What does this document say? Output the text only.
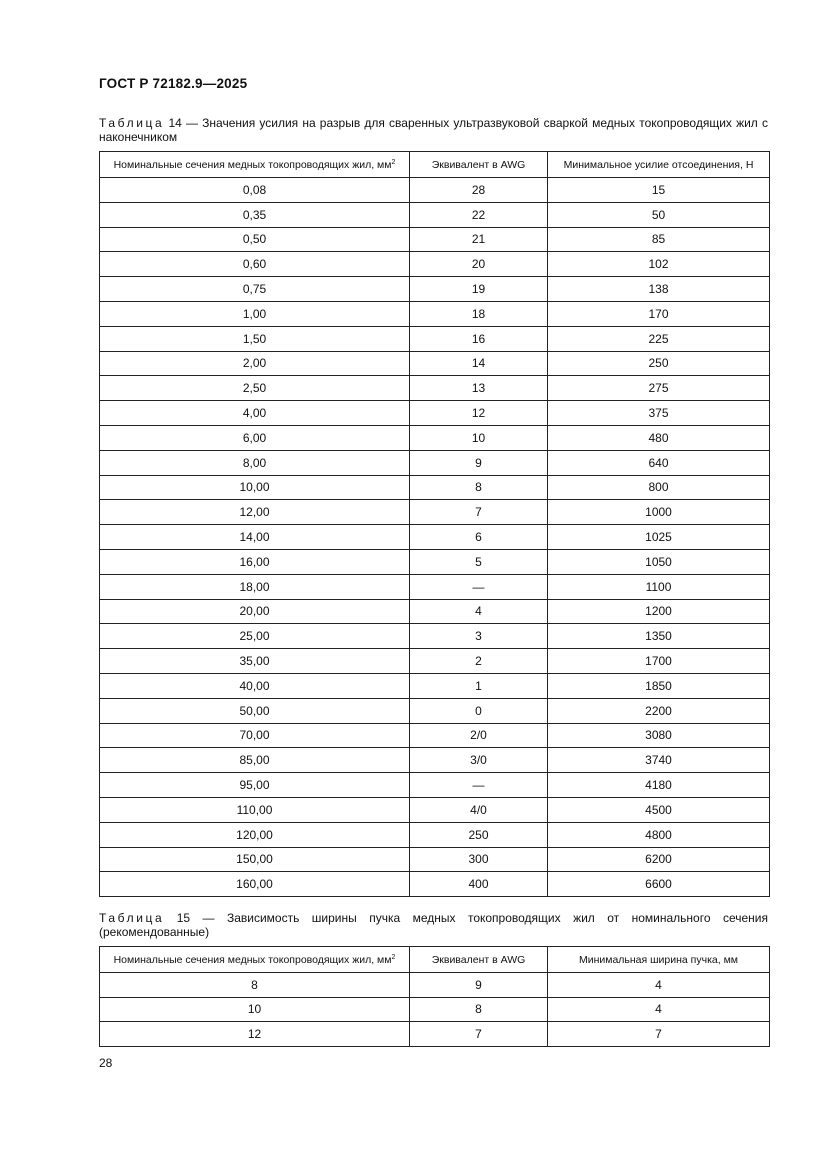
ГОСТ Р 72182.9—2025
Таблица 14 — Значения усилия на разрыв для сваренных ультразвуковой сваркой медных токопроводящих жил с наконечником
Номинальные сечения медных токопроводящих жил, $мм^2$	Эквивалент в AWG	Минимальное усилие отсоединения, Н
0,08	28	15
0,35	22	50
0,50	21	85
0,60	20	102
0,75	19	138
1,00	18	170
1,50	16	225
2,00	14	250
2,50	13	275
4,00	12	375
6,00	10	480
8,00	9	640
10,00	8	800
12,00	7	1000
14,00	6	1025
16,00	5	1050
18,00	—	1100
20,00	4	1200
25,00	3	1350
35,00	2	1700
40,00	1	1850
50,00	0	2200
70,00	2/0	3080
85,00	3/0	3740
95,00	—	4180
110,00	4/0	4500
120,00	250	4800
150,00	300	6200
160,00	400	6600
Таблица 15 — Зависимость ширины пучка медных токопроводящих жил от номинального сечения (рекомендованные)
Номинальные сечения медных токопроводящих жил, $мм^2$	Эквивалент в AWG	Минимальная ширина пучка, мм
8	9	4
10	8	4
12	7	7
28
